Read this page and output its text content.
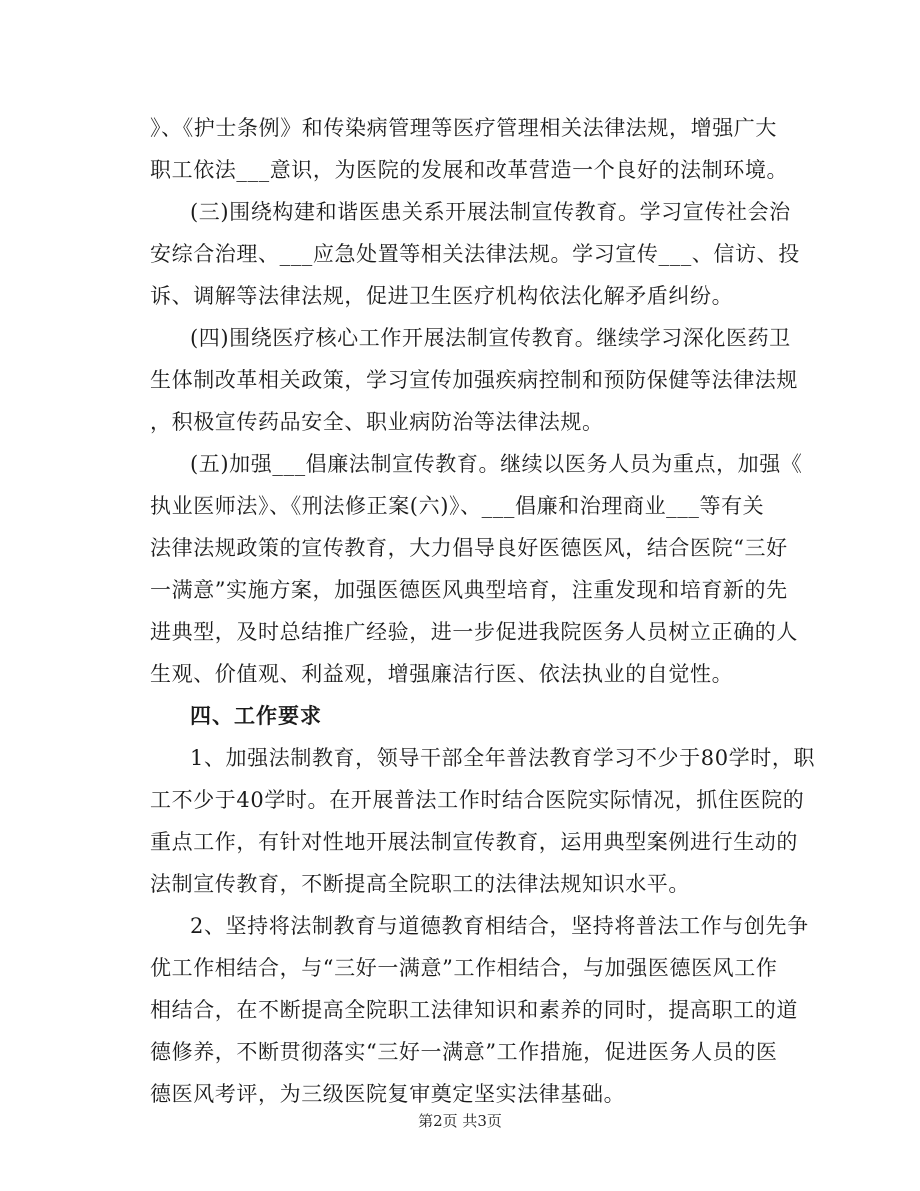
》、《护士条例》和传染病管理等医疗管理相关法律法规，增强广大
职工依法___意识，为医院的发展和改革营造一个良好的法制环境。
(三)围绕构建和谐医患关系开展法制宣传教育。学习宣传社会治
安综合治理、___应急处置等相关法律法规。学习宣传___、信访、投
诉、调解等法律法规，促进卫生医疗机构依法化解矛盾纠纷。
(四)围绕医疗核心工作开展法制宣传教育。继续学习深化医药卫
生体制改革相关政策，学习宣传加强疾病控制和预防保健等法律法规
，积极宣传药品安全、职业病防治等法律法规。
(五)加强___倡廉法制宣传教育。继续以医务人员为重点，加强《
执业医师法》、《刑法修正案(六)》、___倡廉和治理商业___等有关
法律法规政策的宣传教育，大力倡导良好医德医风，结合医院“三好
一满意”实施方案，加强医德医风典型培育，注重发现和培育新的先
进典型，及时总结推广经验，进一步促进我院医务人员树立正确的人
生观、价值观、利益观，增强廉洁行医、依法执业的自觉性。
四、工作要求
1、加强法制教育，领导干部全年普法教育学习不少于80学时，职
工不少于40学时。在开展普法工作时结合医院实际情况，抓住医院的
重点工作，有针对性地开展法制宣传教育，运用典型案例进行生动的
法制宣传教育，不断提高全院职工的法律法规知识水平。
2、坚持将法制教育与道德教育相结合，坚持将普法工作与创先争
优工作相结合，与“三好一满意”工作相结合，与加强医德医风工作
相结合，在不断提高全院职工法律知识和素养的同时，提高职工的道
德修养，不断贯彻落实“三好一满意”工作措施，促进医务人员的医
德医风考评，为三级医院复审奠定坚实法律基础。
第2页 共3页
